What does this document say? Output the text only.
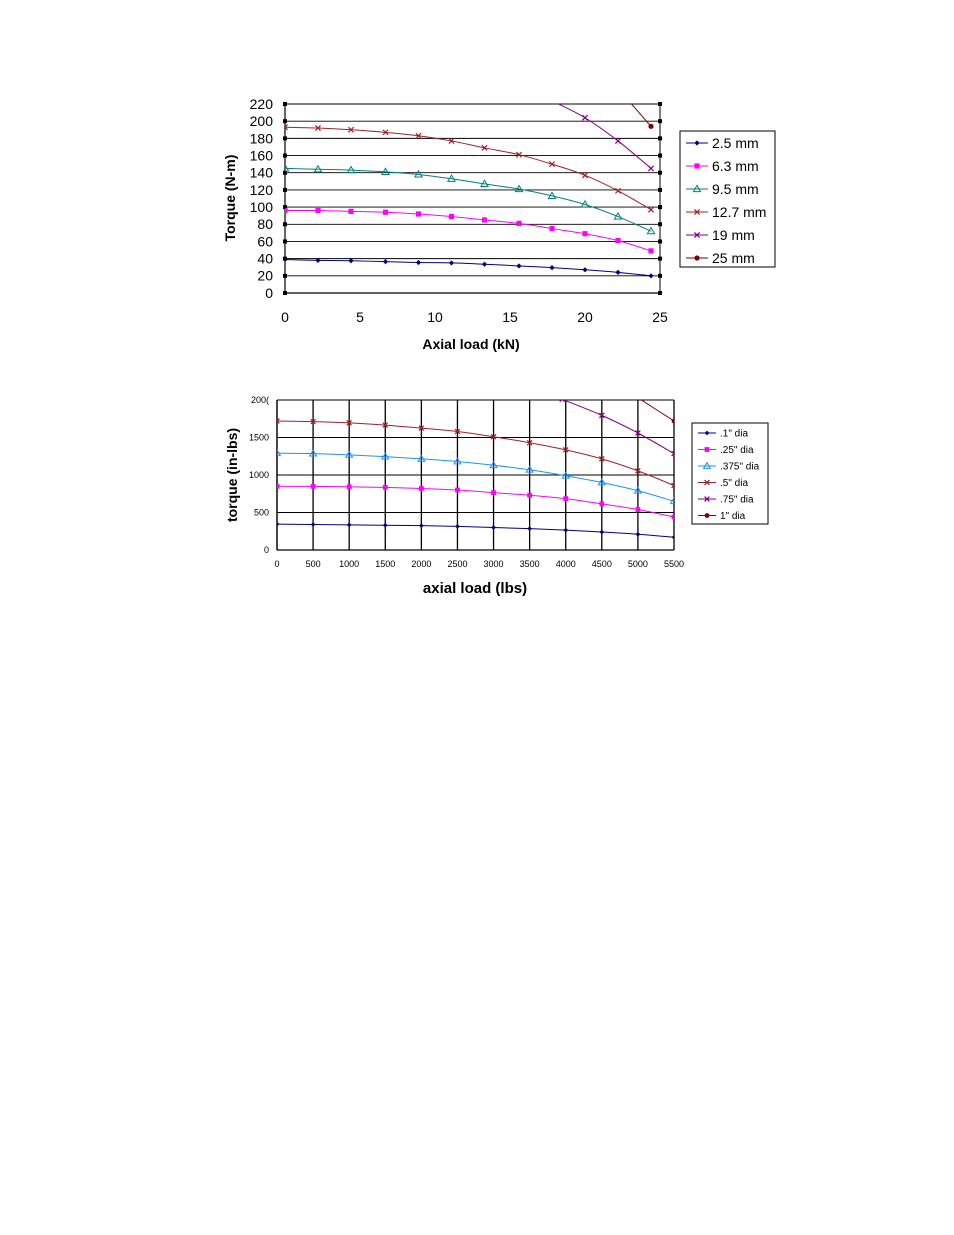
0
20
40
60
80
100
120
140
160
180
200
220
0	5	10	15	20	25
Axial load (kN)
Torque (N-m)
2.5 mm
6.3 mm
9.5 mm
12.7 mm
19 mm
25 mm
0
500
1000
1500
200(
0	500 1000 1500 2000 2500 3000 3500 4000 4500 5000 5500
axial load (lbs)
torque (in-lbs)	.1" dia
.25" dia
.375" dia
.5" dia
.75" dia
1" dia
